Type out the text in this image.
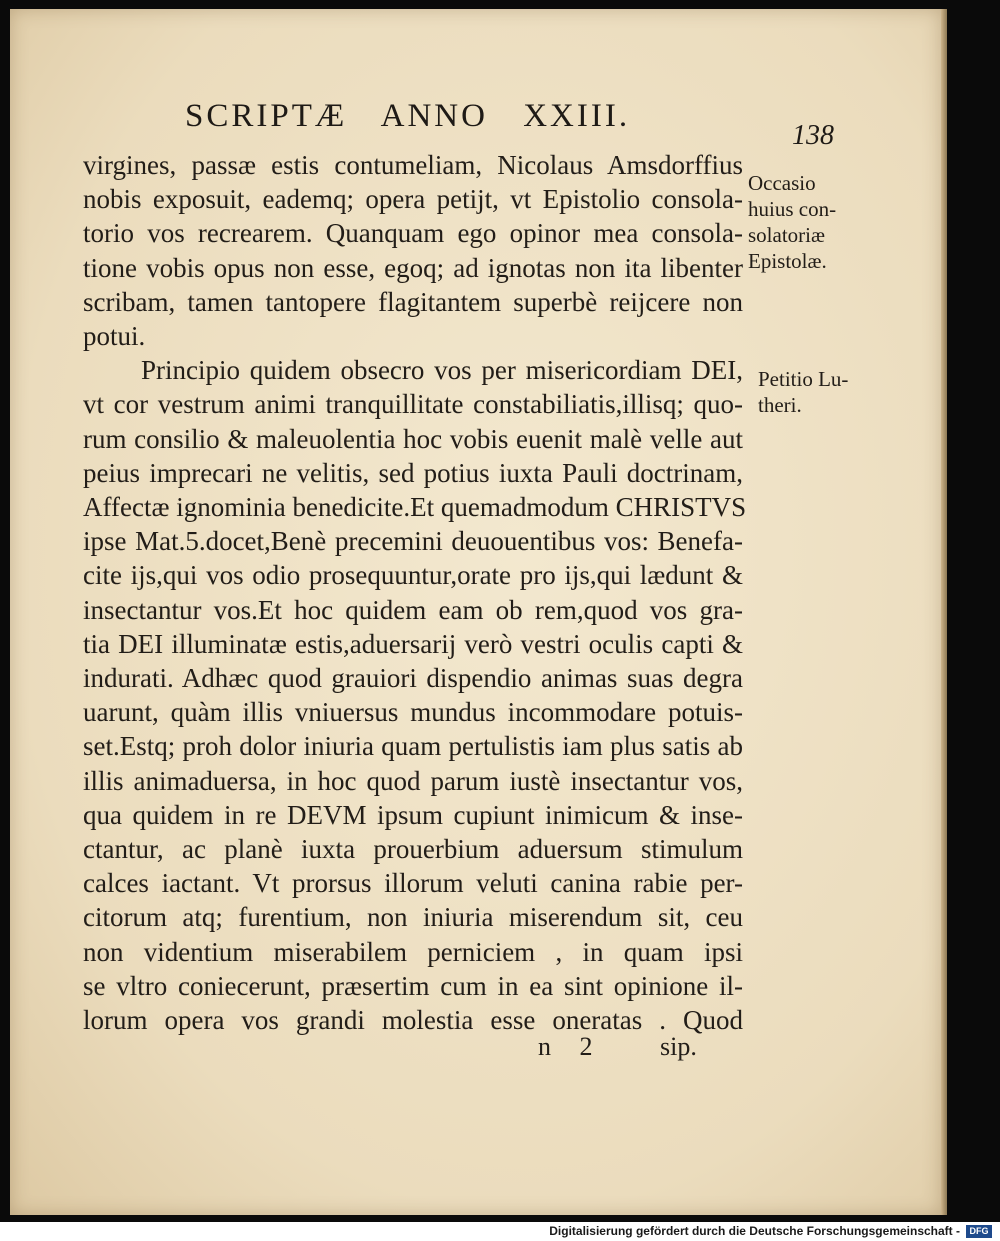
SCRIPTÆ ANNO XXIII.
138
virgines, passæ estis contumeliam, Nicolaus Amsdorffius
nobis exposuit, eademq; opera petijt, vt Epistolio consola-
torio vos recrearem. Quanquam ego opinor mea consola-
tione vobis opus non esse, egoq; ad ignotas non ita libenter
scribam, tamen tantopere flagitantem superbè reijcere non
potui.
Principio quidem obsecro vos per misericordiam DEI,
vt cor vestrum animi tranquillitate constabiliatis,illisq; quo-
rum consilio & maleuolentia hoc vobis euenit malè velle aut
peius imprecari ne velitis, sed potius iuxta Pauli doctrinam,
Affectæ ignominia benedicite.Et quemadmodum CHRISTVS
ipse Mat.5.docet,Benè precemini deuouentibus vos: Benefa-
cite ijs,qui vos odio prosequuntur,orate pro ijs,qui lædunt &
insectantur vos.Et hoc quidem eam ob rem,quod vos gra-
tia DEI illuminatæ estis,aduersarij verò vestri oculis capti &
indurati. Adhæc quod grauiori dispendio animas suas degra
uarunt, quàm illis vniuersus mundus incommodare potuis-
set.Estq; proh dolor iniuria quam pertulistis iam plus satis ab
illis animaduersa, in hoc quod parum iustè insectantur vos,
qua quidem in re DEVM ipsum cupiunt inimicum & inse-
ctantur, ac planè iuxta prouerbium aduersum stimulum
calces iactant. Vt prorsus illorum veluti canina rabie per-
citorum atq; furentium, non iniuria miserendum sit, ceu
non videntium miserabilem perniciem , in quam ipsi
se vltro coniecerunt, præsertim cum in ea sint opinione il-
lorum opera vos grandi molestia esse oneratas . Quod
Occasio
huius con-
solatoriæ
Epistolæ.
Petitio Lu-
theri.
n 2	sip.
Digitalisierung gefördert durch die Deutsche Forschungsgemeinschaft -	DFG
